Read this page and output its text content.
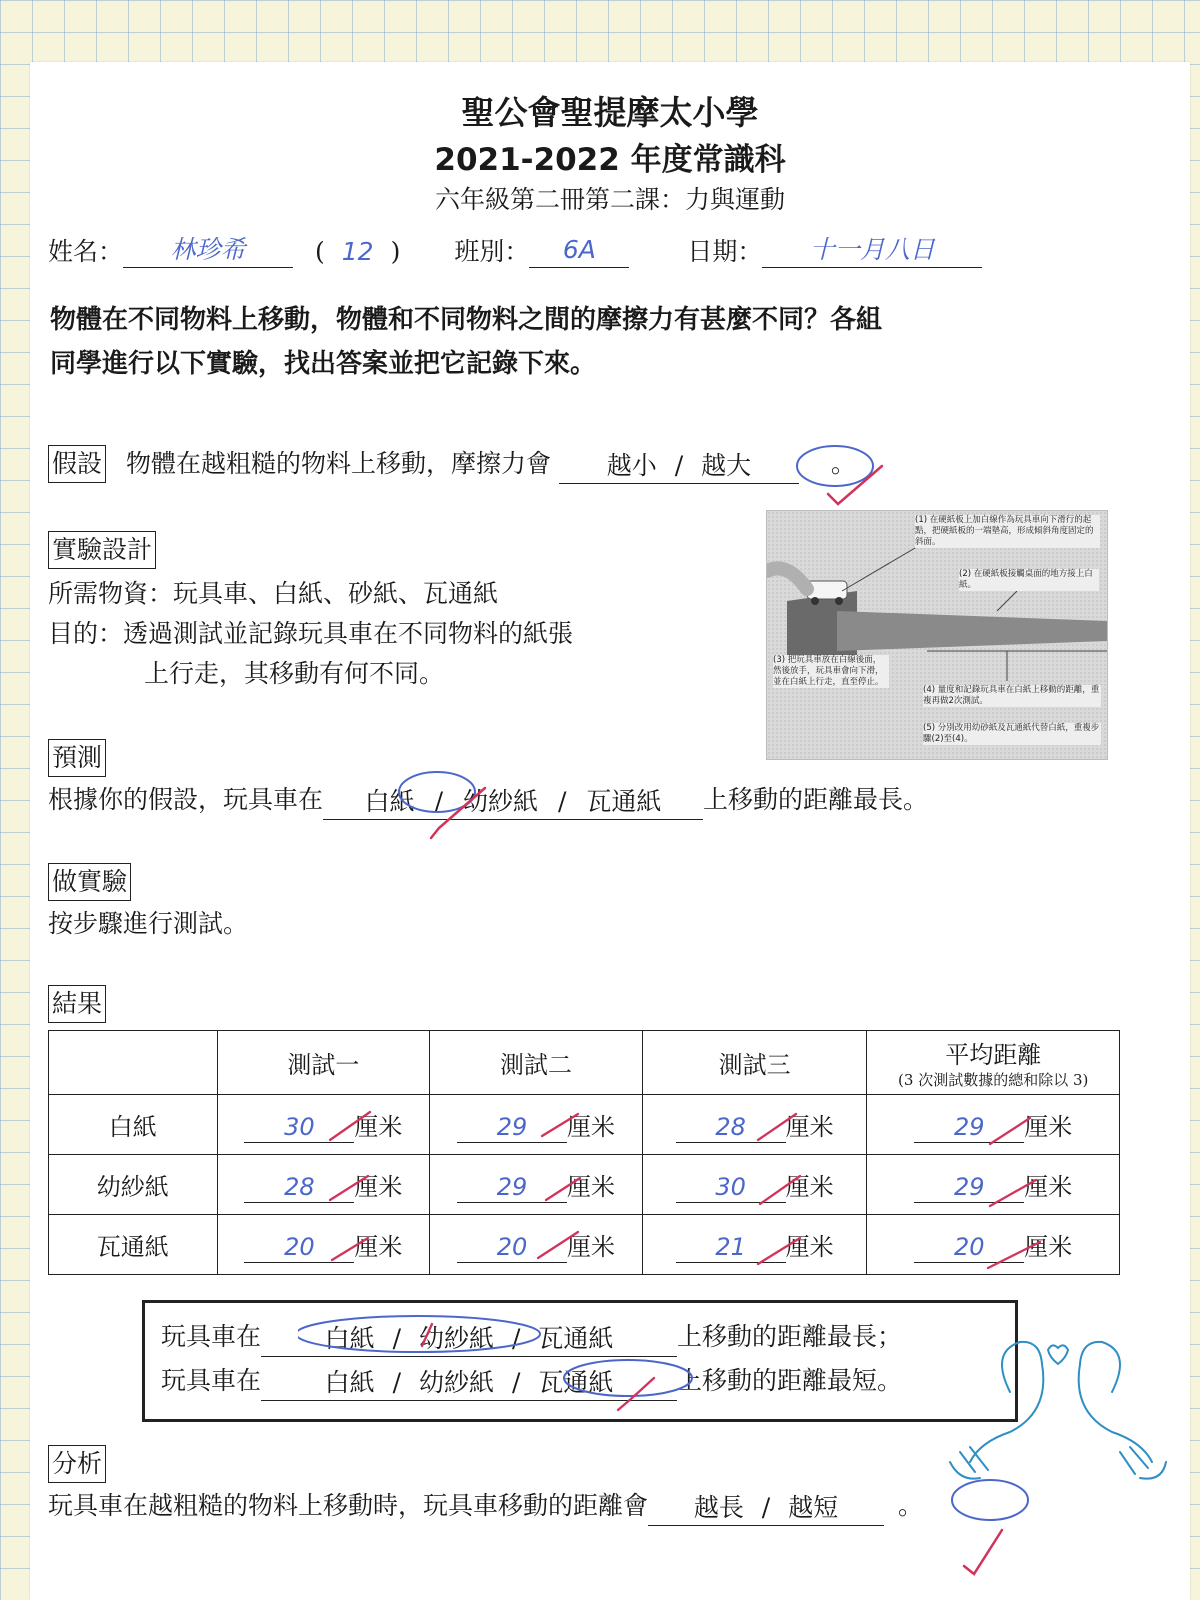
聖公會聖提摩太小學
2021-2022 年度常識科
六年級第二冊第二課：力與運動
姓名： 林珍希	( 12 ) 班別： 6A	日期： 十一月八日
物體在不同物料上移動，物體和不同物料之間的摩擦力有甚麼不同？各組
同學進行以下實驗，找出答案並把它記錄下來。
假設 物體在越粗糙的物料上移動，摩擦力會 越小 / 越大	。
實驗設計
所需物資：玩具車、白紙、砂紙、瓦通紙
目的：透過測試並記錄玩具車在不同物料的紙張
上行走，其移動有何不同。
(1) 在硬紙板上加白線作為玩具車向下滑行的起點，把硬紙板的一端墊高，形成傾斜角度固定的斜面。
(2) 在硬紙板接觸桌面的地方接上白紙。
(3) 把玩具車放在白線後面，然後放手，玩具車會向下滑，並在白紙上行走，直至停止。
(4) 量度和記錄玩具車在白紙上移動的距離，重複再做2次測試。
(5) 分別改用幼砂紙及瓦通紙代替白紙，重複步驟(2)至(4)。
預測
根據你的假設，玩具車在 白紙 / 幼紗紙 / 瓦通紙 上移動的距離最長。
做實驗
按步驟進行測試。
結果
	測試一	測試二	測試三	平均距離
(3 次測試數據的總和除以 3)

白紙	30 厘米	29 厘米	28 厘米	29 厘米
幼紗紙	28 厘米	29 厘米	30 厘米	29 厘米
瓦通紙	20 厘米	20 厘米	21 厘米	20 厘米
玩具車在	白紙 / 幼紗紙 / 瓦通紙	上移動的距離最長；
玩具車在	白紙 / 幼紗紙 / 瓦通紙	上移動的距離最短。
分析
玩具車在越粗糙的物料上移動時，玩具車移動的距離會 越長 / 越短 。
